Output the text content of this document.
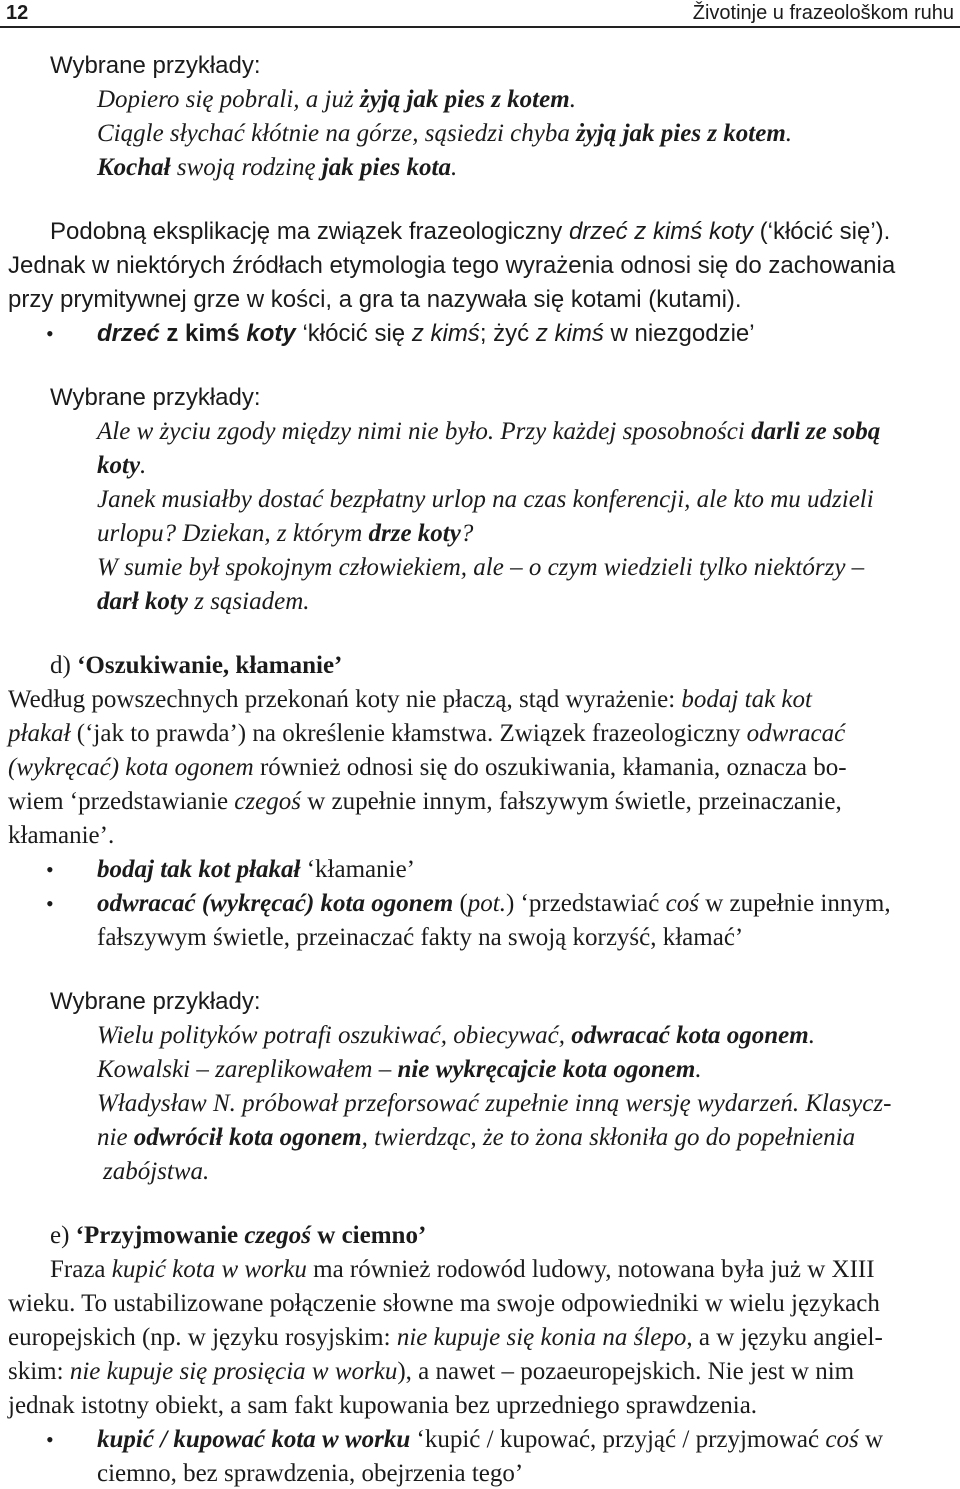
12	Životinje u frazeološkom ruhu
Wybrane przykłady:
Dopiero się pobrali, a już żyją jak pies z kotem.
Ciągle słychać kłótnie na górze, sąsiedzi chyba żyją jak pies z kotem.
Kochał swoją rodzinę jak pies kota.
Podobną eksplikację ma związek frazeologiczny drzeć z kimś koty (‘kłócić się’).
Jednak w niektórych źródłach etymologia tego wyrażenia odnosi się do zachowania
przy prymitywnej grze w kości, a gra ta nazywała się kotami (kutami).
drzeć z kimś koty ‘kłócić się z kimś; żyć z kimś w niezgodzie’
•
Wybrane przykłady:
Ale w życiu zgody między nimi nie było. Przy każdej sposobności darli ze sobą
koty.
Janek musiałby dostać bezpłatny urlop na czas konferencji, ale kto mu udzieli
urlopu? Dziekan, z którym drze koty?
W sumie był spokojnym człowiekiem, ale – o czym wiedzieli tylko niektórzy –
darł koty z sąsiadem.
d) ‘Oszukiwanie, kłamanie’
Według powszechnych przekonań koty nie płaczą, stąd wyrażenie: bodaj tak kot
płakał (‘jak to prawda’) na określenie kłamstwa. Związek frazeologiczny odwracać
(wykręcać) kota ogonem również odnosi się do oszukiwania, kłamania, oznacza bo-
wiem ‘przedstawianie czegoś w zupełnie innym, fałszywym świetle, przeinaczanie,
kłamanie’.
bodaj tak kot płakał ‘kłamanie’
•
odwracać (wykręcać) kota ogonem (pot.) ‘przedstawiać coś w zupełnie innym,
•
fałszywym świetle, przeinaczać fakty na swoją korzyść, kłamać’
Wybrane przykłady:
Wielu polityków potrafi oszukiwać, obiecywać, odwracać kota ogonem.
Kowalski – zareplikowałem – nie wykręcajcie kota ogonem.
Władysław N. próbował przeforsować zupełnie inną wersję wydarzeń. Klasycz-
nie odwrócił kota ogonem, twierdząc, że to żona skłoniła go do popełnienia
zabójstwa.
e) ‘Przyjmowanie czegoś w ciemno’
Fraza kupić kota w worku ma również rodowód ludowy, notowana była już w XIII
wieku. To ustabilizowane połączenie słowne ma swoje odpowiedniki w wielu językach
europejskich (np. w języku rosyjskim: nie kupuje się konia na ślepo, a w języku angiel-
skim: nie kupuje się prosięcia w worku), a nawet – pozaeuropejskich. Nie jest w nim
jednak istotny obiekt, a sam fakt kupowania bez uprzedniego sprawdzenia.
kupić / kupować kota w worku ‘kupić / kupować, przyjąć / przyjmować coś w
•
ciemno, bez sprawdzenia, obejrzenia tego’
